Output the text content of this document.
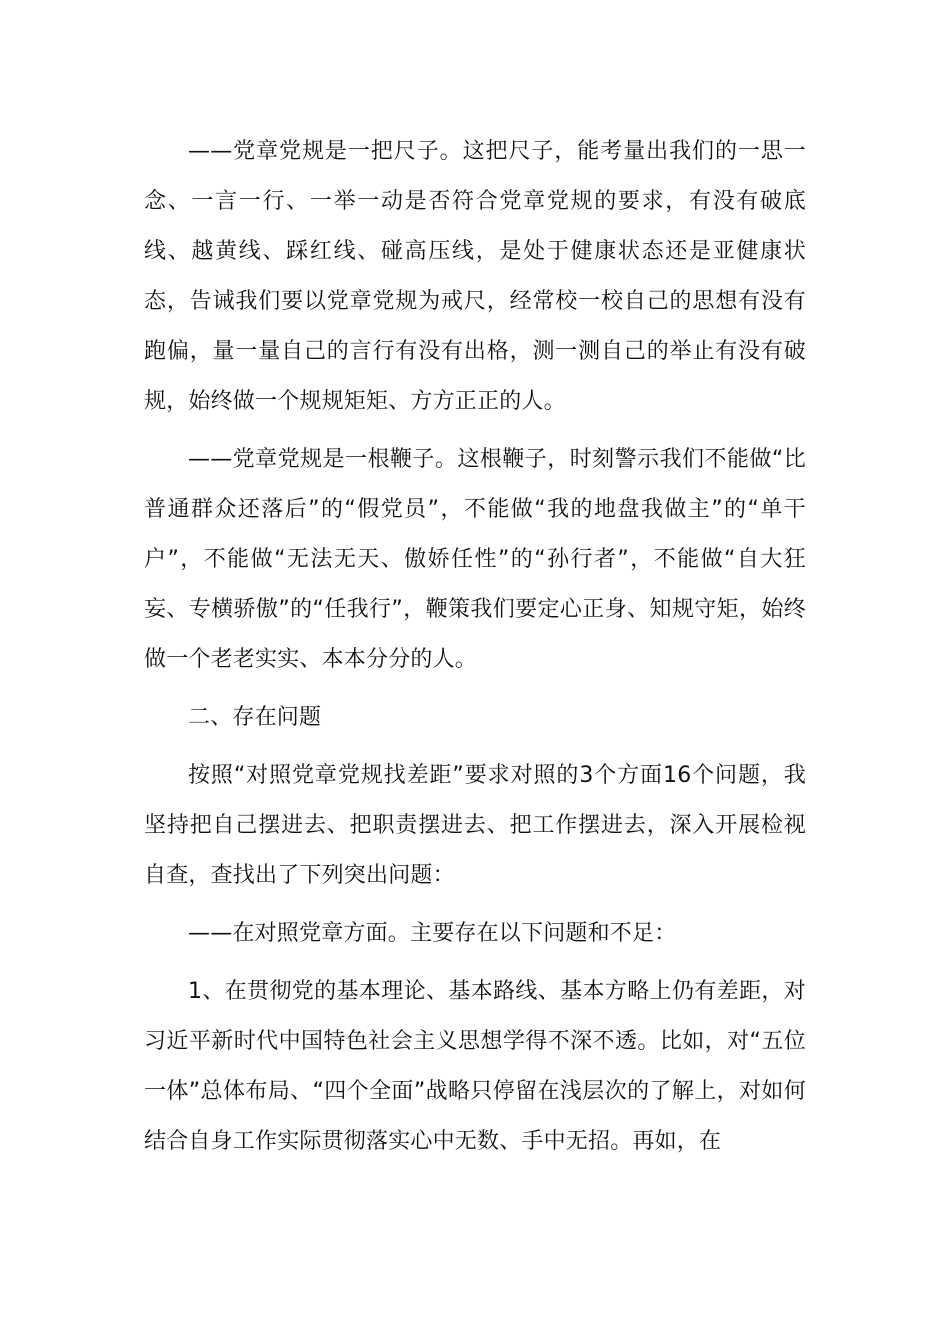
——党章党规是一把尺子。这把尺子，能考量出我们的一思一念、一言一行、一举一动是否符合党章党规的要求，有没有破底线、越黄线、踩红线、碰高压线，是处于健康状态还是亚健康状态，告诫我们要以党章党规为戒尺，经常校一校自己的思想有没有跑偏，量一量自己的言行有没有出格，测一测自己的举止有没有破规，始终做一个规规矩矩、方方正正的人。

——党章党规是一根鞭子。这根鞭子，时刻警示我们不能做“比普通群众还落后”的“假党员”，不能做“我的地盘我做主”的“单干户”，不能做“无法无天、傲娇任性”的“孙行者”，不能做“自大狂妄、专横骄傲”的“任我行”，鞭策我们要定心正身、知规守矩，始终做一个老老实实、本本分分的人。

二、存在问题

按照“对照党章党规找差距”要求对照的3个方面16个问题，我坚持把自己摆进去、把职责摆进去、把工作摆进去，深入开展检视自查，查找出了下列突出问题：

——在对照党章方面。主要存在以下问题和不足：

1、在贯彻党的基本理论、基本路线、基本方略上仍有差距，对习近平新时代中国特色社会主义思想学得不深不透。比如，对“五位一体”总体布局、“四个全面”战略只停留在浅层次的了解上，对如何结合自身工作实际贯彻落实心中无数、手中无招。再如，在
